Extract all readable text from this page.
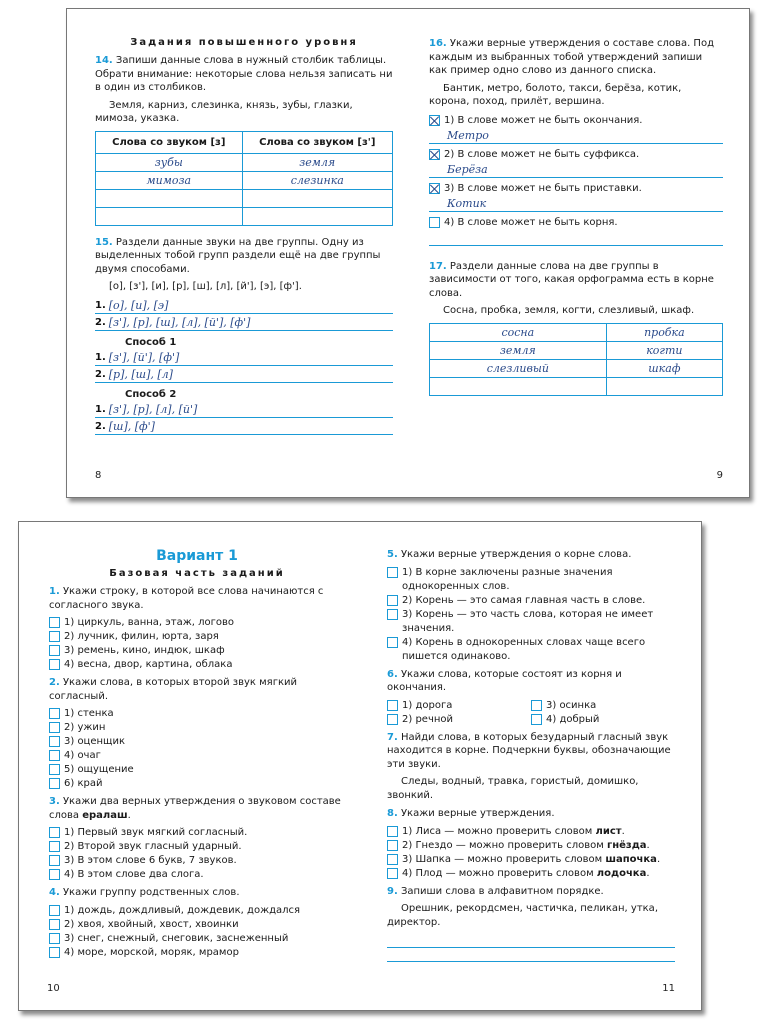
Задания повышенного уровня
14. Запиши данные слова в нужный столбик таблицы. Обрати внимание: некоторые слова нельзя записать ни в один из столбиков.
Земля, карниз, слезинка, князь, зубы, глазки, мимоза, указка.
Слова со звуком [з]	Слова со звуком [з']
зубы	земля
мимоза	слезинка

15. Раздели данные звуки на две группы. Одну из выделенных тобой групп раздели ещё на две группы двумя способами.
[о], [з'], [и], [р], [ш], [л], [й'], [э], [ф'].
1. [о], [и], [э]
2. [з'], [р], [ш], [л], [й'], [ф']
Способ 1
1. [з'], [й'], [ф']
2. [р], [ш], [л]
Способ 2
1. [з'], [р], [л], [й']
2. [ш], [ф']
8
16. Укажи верные утверждения о составе слова. Под каждым из выбранных тобой утверждений запиши как пример одно слово из данного списка.
Бантик, метро, болото, такси, берёза, котик, корона, поход, прилёт, вершина.
1) В слове может не быть окончания.
Метро
2) В слове может не быть суффикса.
Берёза
3) В слове может не быть приставки.
Котик
4) В слове может не быть корня.
17. Раздели данные слова на две группы в зависимости от того, какая орфограмма есть в корне слова.
Сосна, пробка, земля, когти, слезливый, шкаф.
сосна	пробка
земля	когти
слезливый	шкаф

9
Вариант 1
Базовая часть заданий
1. Укажи строку, в которой все слова начинаются с согласного звука.
1) циркуль, ванна, этаж, логово
2) лучник, филин, юрта, заря
3) ремень, кино, индюк, шкаф
4) весна, двор, картина, облака
2. Укажи слова, в которых второй звук мягкий согласный.
1) стенка
2) ужин
3) оценщик
4) очаг
5) ощущение
6) край
3. Укажи два верных утверждения о звуковом составе слова ералаш.
1) Первый звук мягкий согласный.
2) Второй звук гласный ударный.
3) В этом слове 6 букв, 7 звуков.
4) В этом слове два слога.
4. Укажи группу родственных слов.
1) дождь, дождливый, дождевик, дождался
2) хвоя, хвойный, хвост, хвоинки
3) снег, снежный, снеговик, заснеженный
4) море, морской, моряк, мрамор
10
5. Укажи верные утверждения о корне слова.
1) В корне заключены разные значения однокоренных слов.
2) Корень — это самая главная часть в слове.
3) Корень — это часть слова, которая не имеет значения.
4) Корень в однокоренных словах чаще всего пишется одинаково.
6. Укажи слова, которые состоят из корня и окончания.
1) дорога
2) речной
3) осинка
4) добрый
7. Найди слова, в которых безударный гласный звук находится в корне. Подчеркни буквы, обозначающие эти звуки.
Следы, водный, травка, гористый, домишко, звонкий.
8. Укажи верные утверждения.
1) Лиса — можно проверить словом лист.
2) Гнездо — можно проверить словом гнёзда.
3) Шапка — можно проверить словом шапочка.
4) Плод — можно проверить словом лодочка.
9. Запиши слова в алфавитном порядке.
Орешник, рекордсмен, частичка, пеликан, утка, директор.
11
